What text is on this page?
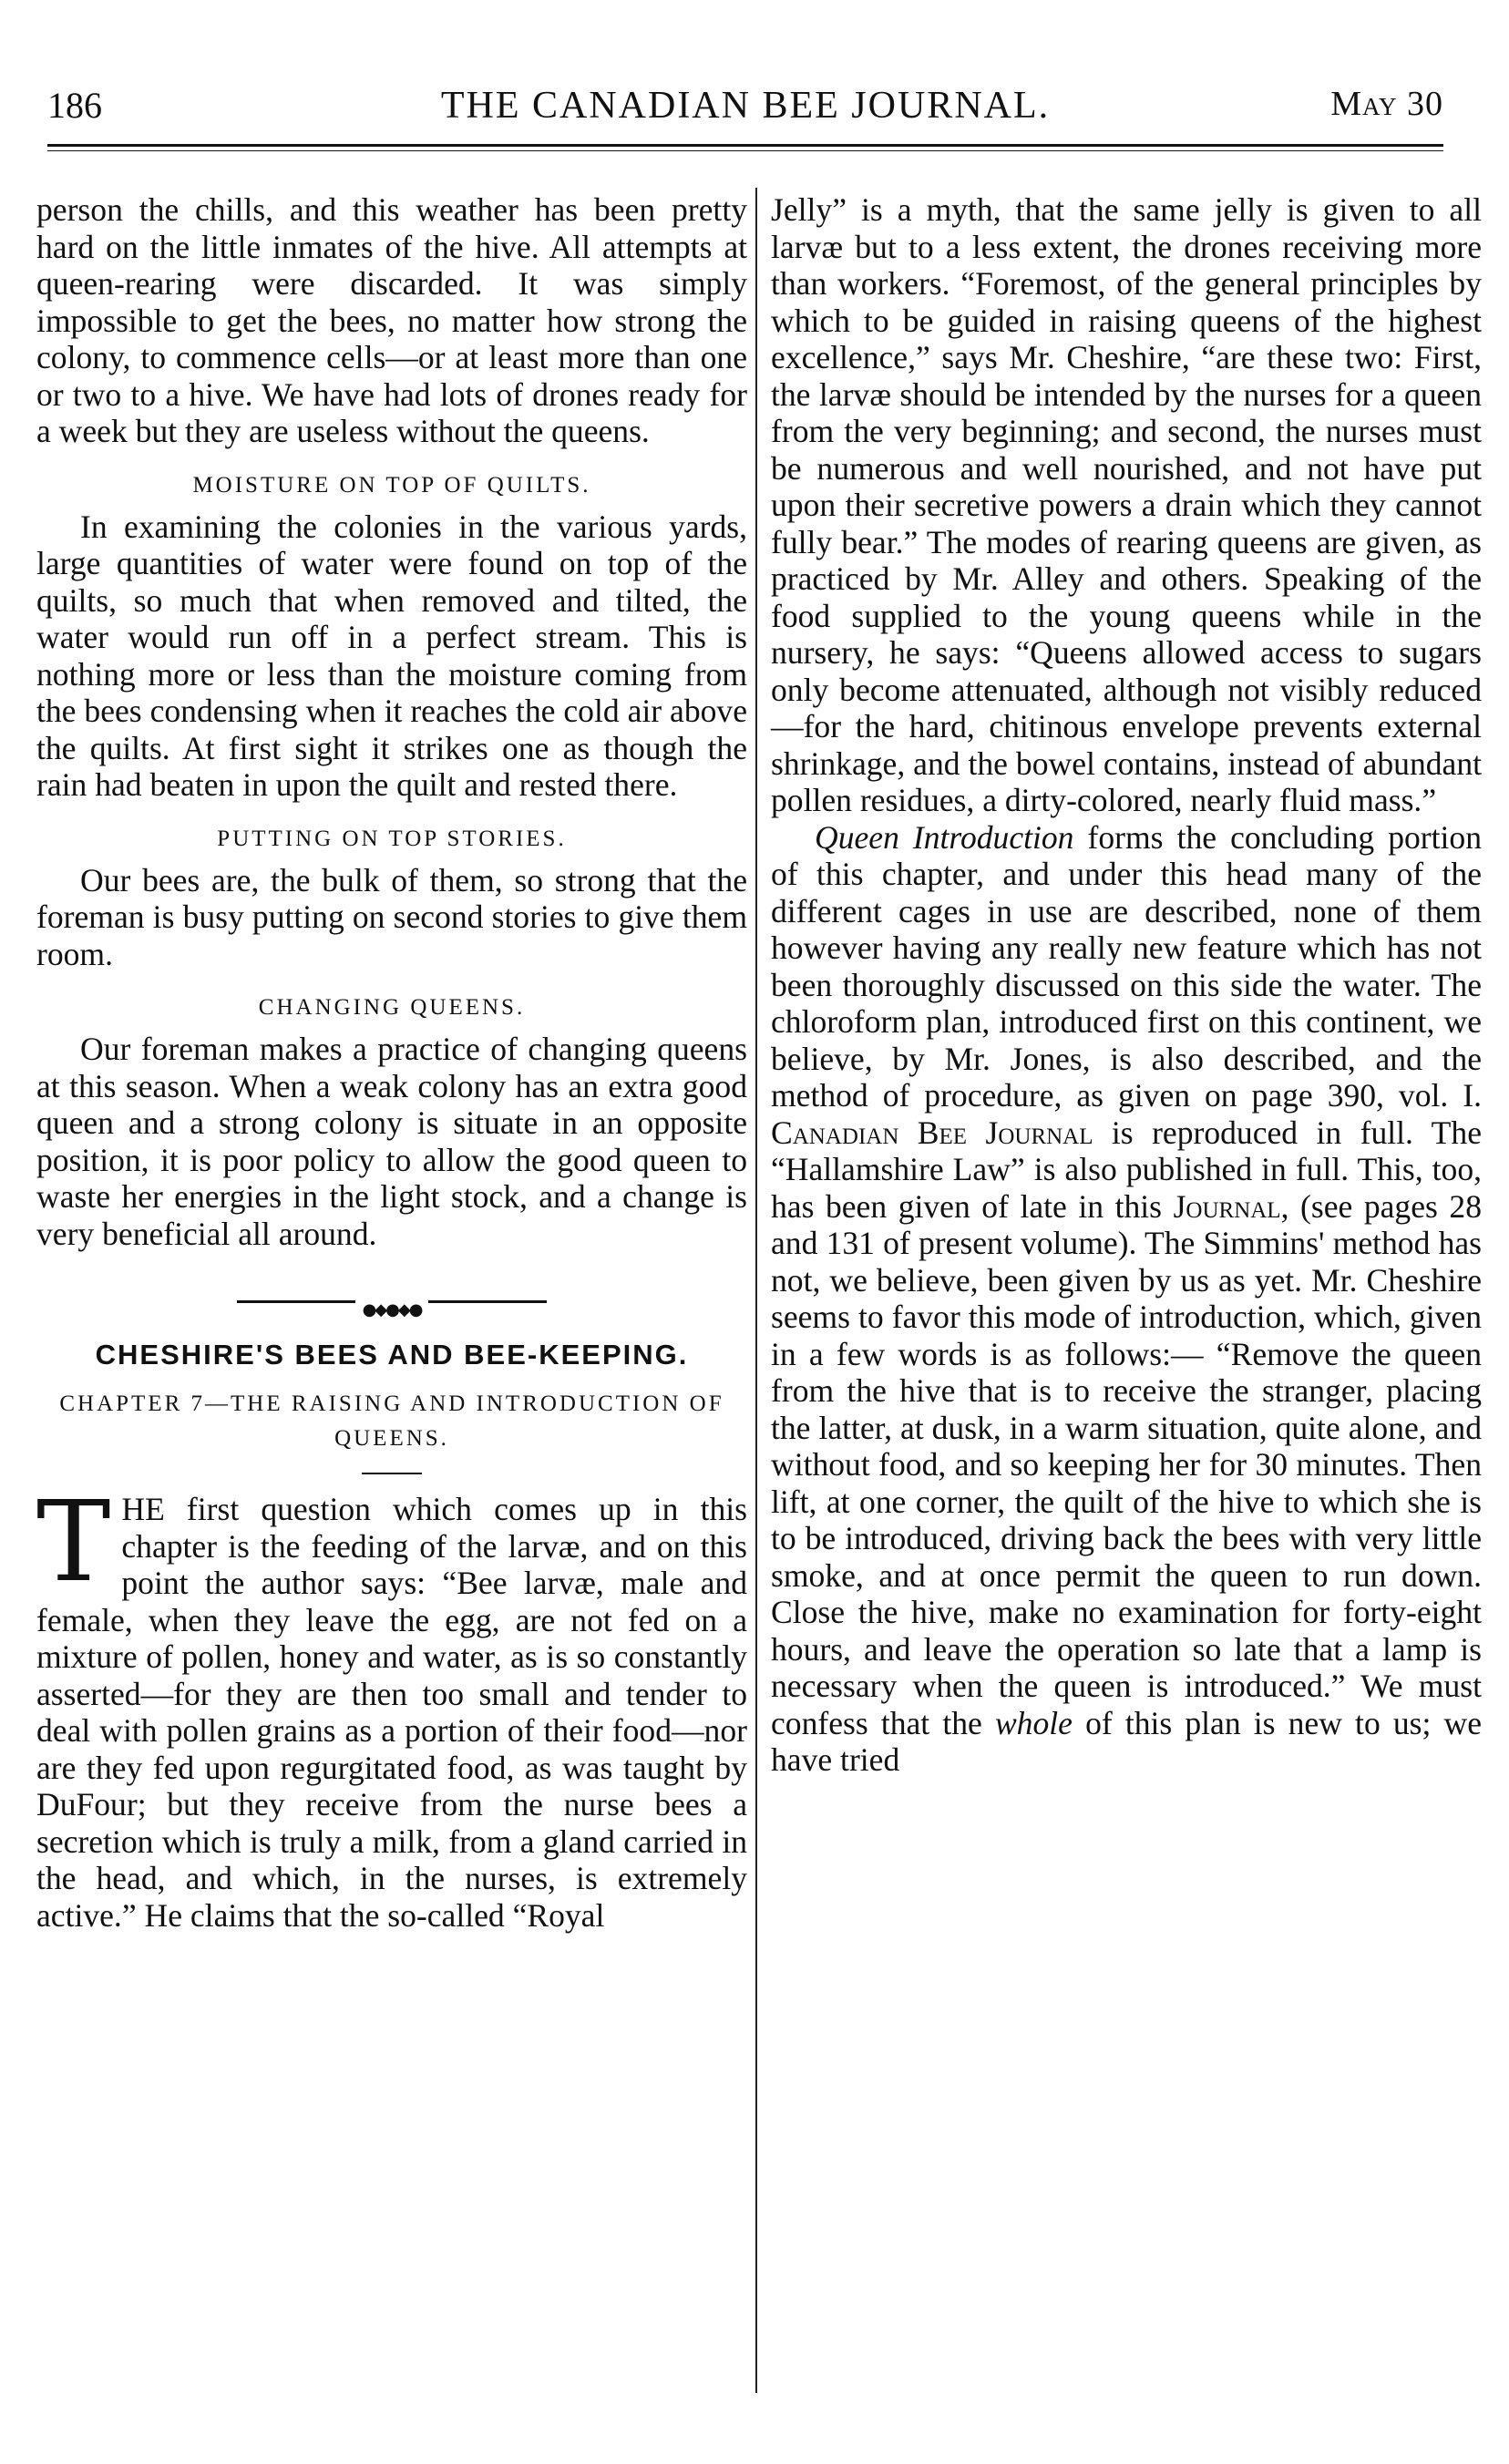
186	THE CANADIAN BEE JOURNAL.	May 30

person the chills, and this weather has been pretty hard on the little inmates of the hive. All attempts at queen-rearing were discarded. It was simply impossible to get the bees, no matter how strong the colony, to commence cells—or at least more than one or two to a hive. We have had lots of drones ready for a week but they are useless without the queens.

MOISTURE ON TOP OF QUILTS.

In examining the colonies in the various yards, large quantities of water were found on top of the quilts, so much that when removed and tilted, the water would run off in a perfect stream. This is nothing more or less than the moisture coming from the bees condensing when it reaches the cold air above the quilts. At first sight it strikes one as though the rain had beaten in upon the quilt and rested there.

PUTTING ON TOP STORIES.

Our bees are, the bulk of them, so strong that the foreman is busy putting on second stories to give them room.

CHANGING QUEENS.

Our foreman makes a practice of changing queens at this season. When a weak colony has an extra good queen and a strong colony is situate in an opposite position, it is poor policy to allow the good queen to waste her energies in the light stock, and a change is very beneficial all around.

●◆●◆●
CHESHIRE'S BEES AND BEE-KEEPING.
CHAPTER 7—THE RAISING AND INTRODUCTION OF QUEENS.

THE first question which comes up in this chapter is the feeding of the larvæ, and on this point the author says: “Bee larvæ, male and female, when they leave the egg, are not fed on a mixture of pollen, honey and water, as is so constantly asserted—for they are then too small and tender to deal with pollen grains as a portion of their food—nor are they fed upon regurgitated food, as was taught by DuFour; but they receive from the nurse bees a secretion which is truly a milk, from a gland carried in the head, and which, in the nurses, is extremely active.” He claims that the so-called “Royal

Jelly” is a myth, that the same jelly is given to all larvæ but to a less extent, the drones receiving more than workers. “Foremost, of the general principles by which to be guided in raising queens of the highest excellence,” says Mr. Cheshire, “are these two: First, the larvæ should be intended by the nurses for a queen from the very beginning; and second, the nurses must be numerous and well nourished, and not have put upon their secretive powers a drain which they cannot fully bear.” The modes of rearing queens are given, as practiced by Mr. Alley and others. Speaking of the food supplied to the young queens while in the nursery, he says: “Queens allowed access to sugars only become attenuated, although not visibly reduced—for the hard, chitinous envelope prevents external shrinkage, and the bowel contains, instead of abundant pollen residues, a dirty-colored, nearly fluid mass.”

Queen Introduction forms the concluding portion of this chapter, and under this head many of the different cages in use are described, none of them however having any really new feature which has not been thoroughly discussed on this side the water. The chloroform plan, introduced first on this continent, we believe, by Mr. Jones, is also described, and the method of procedure, as given on page 390, vol. I. Canadian Bee Journal is reproduced in full. The “Hallamshire Law” is also published in full. This, too, has been given of late in this Journal, (see pages 28 and 131 of present volume). The Simmins' method has not, we believe, been given by us as yet. Mr. Cheshire seems to favor this mode of introduction, which, given in a few words is as follows:— “Remove the queen from the hive that is to receive the stranger, placing the latter, at dusk, in a warm situation, quite alone, and without food, and so keeping her for 30 minutes. Then lift, at one corner, the quilt of the hive to which she is to be introduced, driving back the bees with very little smoke, and at once permit the queen to run down. Close the hive, make no examination for forty-eight hours, and leave the operation so late that a lamp is necessary when the queen is introduced.” We must confess that the whole of this plan is new to us; we have tried
